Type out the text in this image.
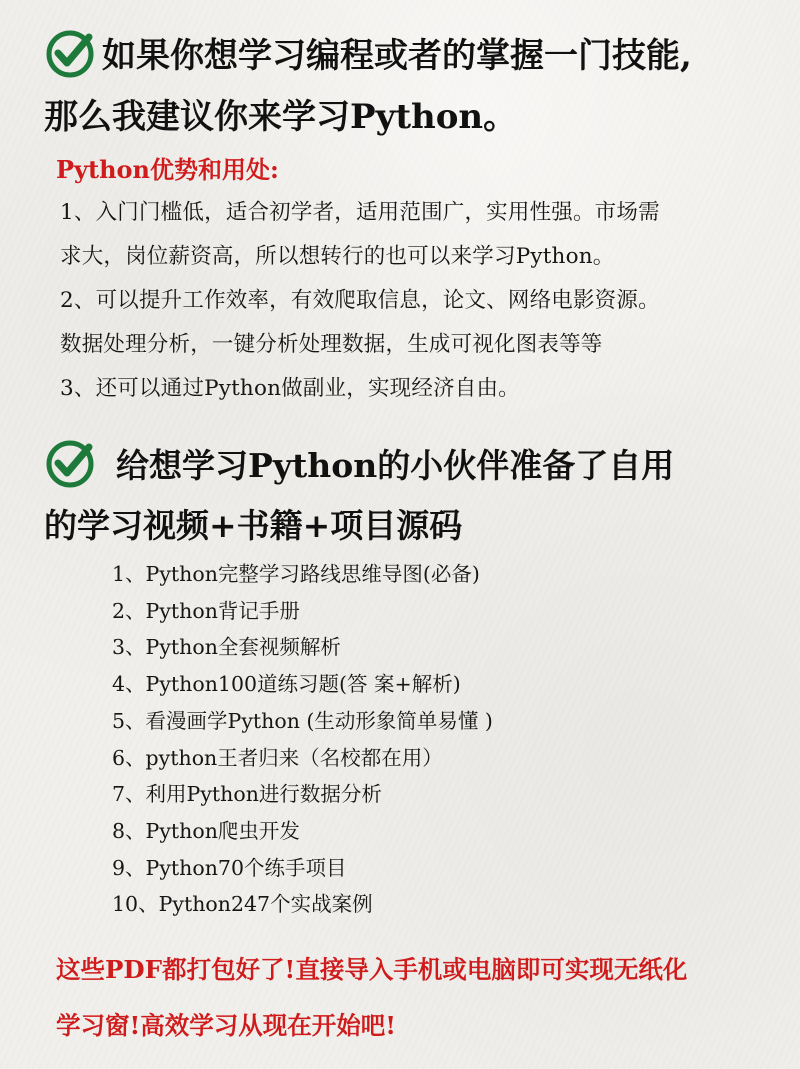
如果你想学习编程或者的掌握一门技能,
那么我建议你来学习Python。
Python优势和用处:
1、入门门槛低，适合初学者，适用范围广，实用性强。市场需
求大，岗位薪资高，所以想转行的也可以来学习Python。
2、可以提升工作效率，有效爬取信息，论文、网络电影资源。
数据处理分析，一键分析处理数据，生成可视化图表等等
3、还可以通过Python做副业，实现经济自由。
给想学习Python的小伙伴准备了自用
的学习视频+书籍+项目源码
1、Python完整学习路线思维导图(必备)
2、Python背记手册
3、Python全套视频解析
4、Python100道练习题(答 案+解析)
5、看漫画学Python (生动形象简单易懂 )
6、python王者归来（名校都在用）
7、利用Python进行数据分析
8、Python爬虫开发
9、Python70个练手项目
10、Python247个实战案例
这些PDF都打包好了!直接导入手机或电脑即可实现无纸化
学习窗!高效学习从现在开始吧!
